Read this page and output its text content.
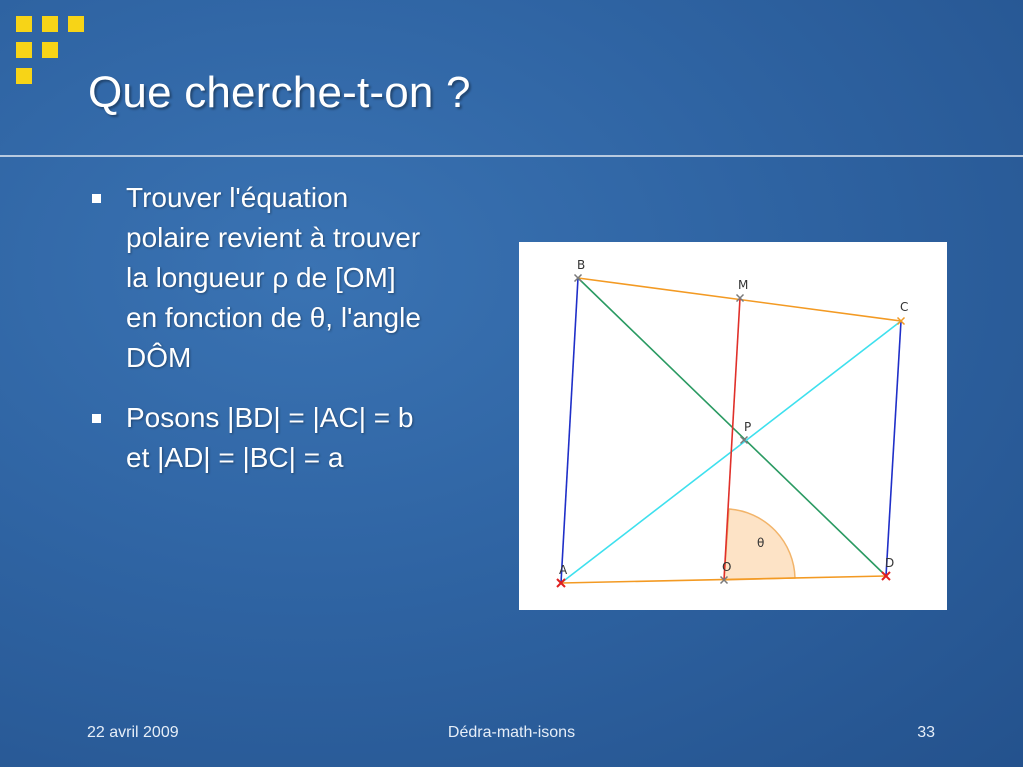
Que cherche-t-on ?
Trouver l'équation
polaire revient à trouver
la longueur ρ de [OM]
en fonction de θ, l'angle
DÔM
Posons |BD| = |AC| = b
et |AD| = |BC| = a
B
M
C
P
θ
O
A	D
22 avril 2009	Dédra-math-isons	33
